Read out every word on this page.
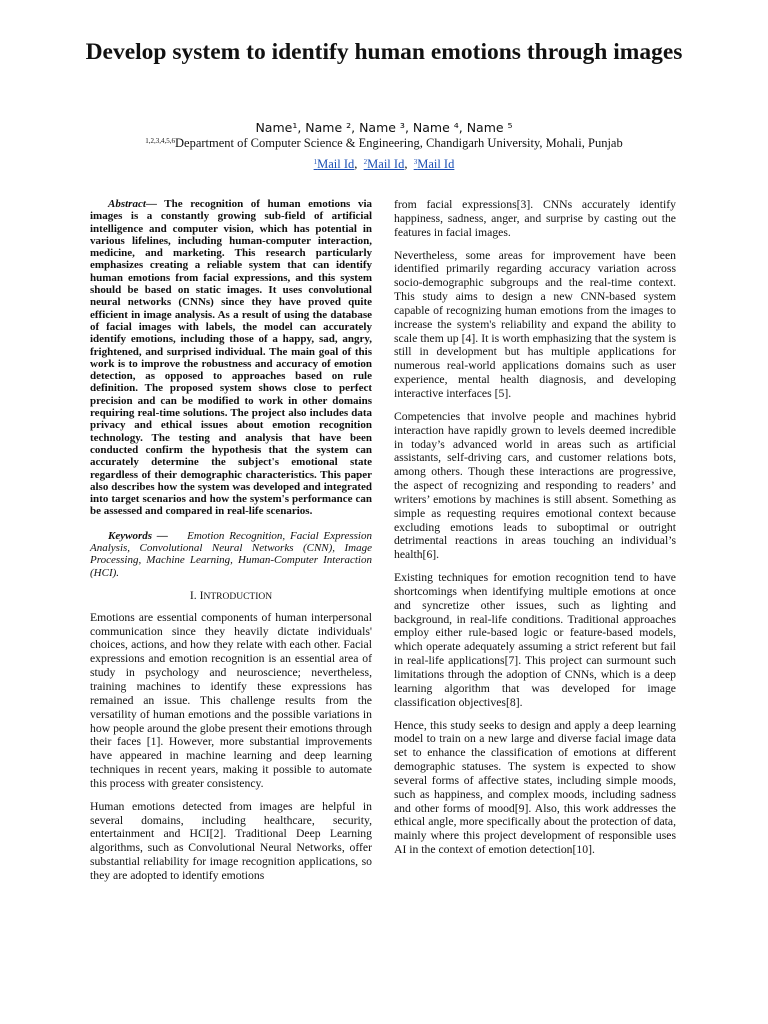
Develop system to identify human emotions through images
Name¹, Name ², Name ³, Name ⁴, Name ⁵
$^{1,2,3,4,5,6}$Department of Computer Science & Engineering, Chandigarh University, Mohali, Punjab
$^1$Mail Id,  $^2$Mail Id,  $^3$Mail Id

Abstract— The recognition of human emotions via images is a constantly growing sub-field of artificial intelligence and computer vision, which has potential in various lifelines, including human-computer interaction, medicine, and marketing. This research particularly emphasizes creating a reliable system that can identify human emotions from facial expressions, and this system should be based on static images. It uses convolutional neural networks (CNNs) since they have proved quite efficient in image analysis. As a result of using the database of facial images with labels, the model can accurately identify emotions, including those of a happy, sad, angry, frightened, and surprised individual. The main goal of this work is to improve the robustness and accuracy of emotion detection, as opposed to approaches based on rule definition. The proposed system shows close to perfect precision and can be modified to work in other domains requiring real-time solutions. The project also includes data privacy and ethical issues about emotion recognition technology. The testing and analysis that have been conducted confirm the hypothesis that the system can accurately determine the subject's emotional state regardless of their demographic characteristics. This paper also describes how the system was developed and integrated into target scenarios and how the system's performance can be assessed and compared in real-life scenarios.

Keywords — Emotion Recognition, Facial Expression Analysis, Convolutional Neural Networks (CNN), Image Processing, Machine Learning, Human-Computer Interaction (HCI).

I. INTRODUCTION

Emotions are essential components of human interpersonal communication since they heavily dictate individuals' choices, actions, and how they relate with each other. Facial expressions and emotion recognition is an essential area of study in psychology and neuroscience; nevertheless, training machines to identify these expressions has remained an issue. This challenge results from the versatility of human emotions and the possible variations in how people around the globe present their emotions through their faces [1]. However, more substantial improvements have appeared in machine learning and deep learning techniques in recent years, making it possible to automate this process with greater consistency.

Human emotions detected from images are helpful in several domains, including healthcare, security, entertainment and HCI[2]. Traditional Deep Learning algorithms, such as Convolutional Neural Networks, offer substantial reliability for image recognition applications, so they are adopted to identify emotions

from facial expressions[3]. CNNs accurately identify happiness, sadness, anger, and surprise by casting out the features in facial images.

Nevertheless, some areas for improvement have been identified primarily regarding accuracy variation across socio-demographic subgroups and the real-time context. This study aims to design a new CNN-based system capable of recognizing human emotions from the images to increase the system's reliability and expand the ability to scale them up [4]. It is worth emphasizing that the system is still in development but has multiple applications for numerous real-world applications domains such as user experience, mental health diagnosis, and developing interactive interfaces [5].

Competencies that involve people and machines hybrid interaction have rapidly grown to levels deemed incredible in today’s advanced world in areas such as artificial assistants, self-driving cars, and customer relations bots, among others. Though these interactions are progressive, the aspect of recognizing and responding to readers’ and writers’ emotions by machines is still absent. Something as simple as requesting requires emotional context because excluding emotions leads to suboptimal or outright detrimental reactions in areas touching an individual’s health[6].

Existing techniques for emotion recognition tend to have shortcomings when identifying multiple emotions at once and syncretize other issues, such as lighting and background, in real-life conditions. Traditional approaches employ either rule-based logic or feature-based models, which operate adequately assuming a strict referent but fail in real-life applications[7]. This project can surmount such limitations through the adoption of CNNs, which is a deep learning algorithm that was developed for image classification objectives[8].

Hence, this study seeks to design and apply a deep learning model to train on a new large and diverse facial image data set to enhance the classification of emotions at different demographic statuses. The system is expected to show several forms of affective states, including simple moods, such as happiness, and complex moods, including sadness and other forms of mood[9]. Also, this work addresses the ethical angle, more specifically about the protection of data, mainly where this project development of responsible uses AI in the context of emotion detection[10].
